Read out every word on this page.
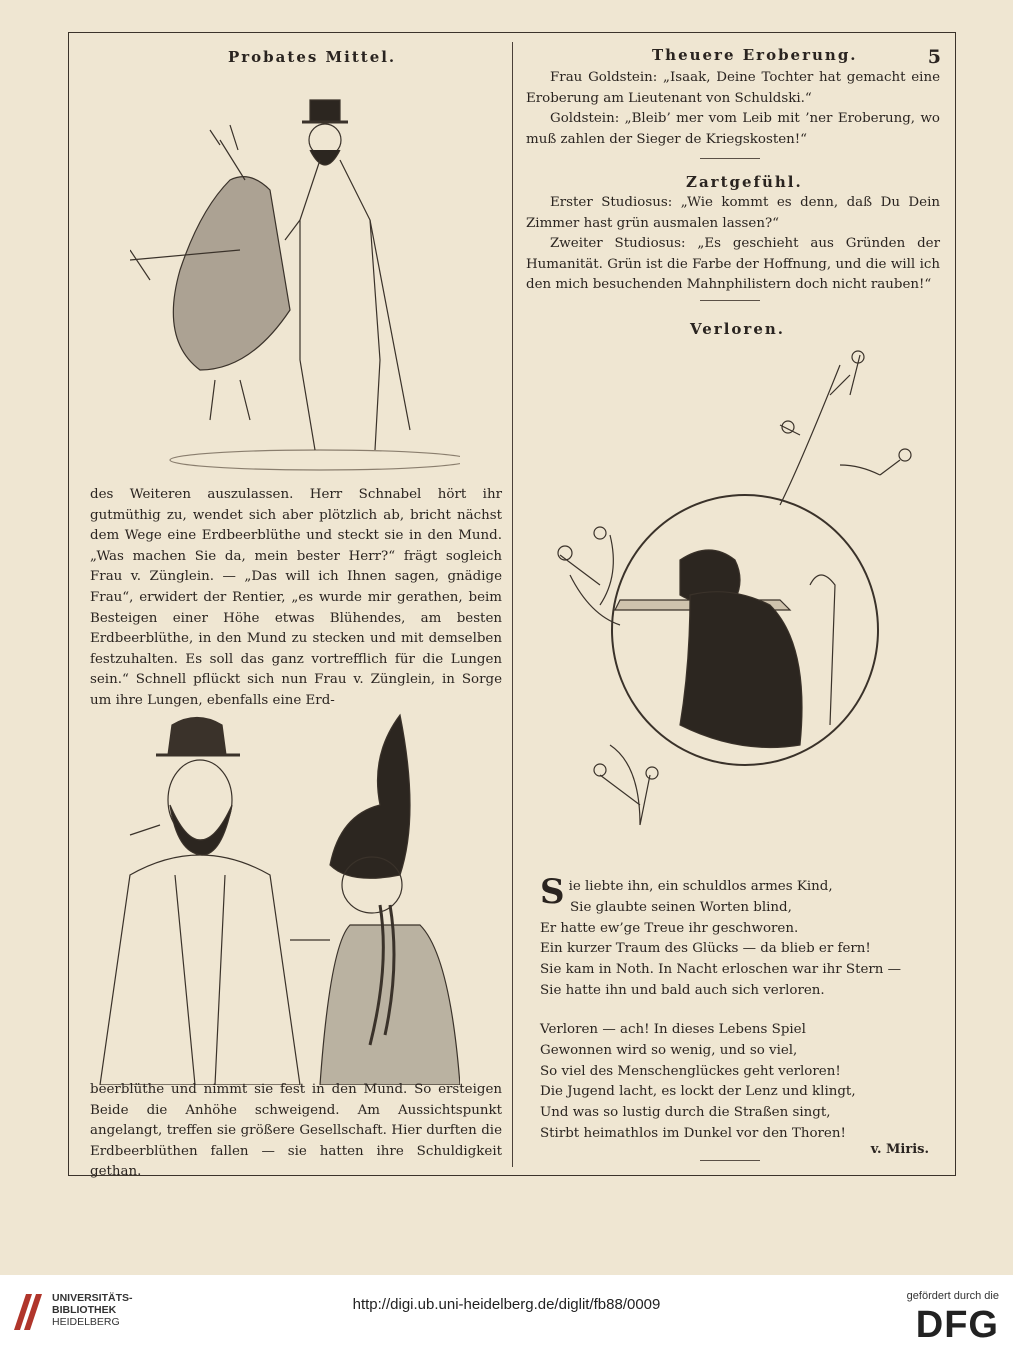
Probates Mittel.

des Weiteren auszulassen. Herr Schnabel hört ihr gutmüthig zu, wendet sich aber plötzlich ab, bricht nächst dem Wege eine Erdbeerblüthe und steckt sie in den Mund. „Was machen Sie da, mein bester Herr?“ frägt sogleich Frau v. Zünglein. — „Das will ich Ihnen sagen, gnädige Frau“, erwidert der Rentier, „es wurde mir gerathen, beim Besteigen einer Höhe etwas Blühendes, am besten Erdbeerblüthe, in den Mund zu stecken und mit demselben festzuhalten. Es soll das ganz vortrefflich für die Lungen sein.“ Schnell pflückt sich nun Frau v. Zünglein, in Sorge um ihre Lungen, ebenfalls eine Erd-

beerblüthe und nimmt sie fest in den Mund. So ersteigen Beide die Anhöhe schweigend. Am Aussichtspunkt angelangt, treffen sie größere Gesellschaft. Hier durften die Erdbeerblüthen fallen — sie hatten ihre Schuldigkeit gethan.

Theuere Eroberung.	5

Frau Goldstein: „Isaak, Deine Tochter hat gemacht eine Eroberung am Lieutenant von Schuldski.“

Goldstein: „Bleib’ mer vom Leib mit ’ner Eroberung, wo muß zahlen der Sieger de Kriegskosten!“

Zartgefühl.

Erster Studiosus: „Wie kommt es denn, daß Du Dein Zimmer hast grün ausmalen lassen?“

Zweiter Studiosus: „Es geschieht aus Gründen der Humanität. Grün ist die Farbe der Hoffnung, und die will ich den mich besuchenden Mahnphilistern doch nicht rauben!“

Verloren.
S ie liebte ihn, ein schuldlos armes Kind,
Sie glaubte seinen Worten blind,
Er hatte ew’ge Treue ihr geschworen.
Ein kurzer Traum des Glücks — da blieb er fern!
Sie kam in Noth. In Nacht erloschen war ihr Stern —
Sie hatte ihn und bald auch sich verloren.
Verloren — ach! In dieses Lebens Spiel
Gewonnen wird so wenig, und so viel,
So viel des Menschenglückes geht verloren!
Die Jugend lacht, es lockt der Lenz und klingt,
Und was so lustig durch die Straßen singt,
Stirbt heimathlos im Dunkel vor den Thoren!
v. Miris.
UNIVERSITÄTS-
BIBLIOTHEK
HEIDELBERG
http://digi.ub.uni-heidelberg.de/diglit/fb88/0009	gefördert durch die
DFG
